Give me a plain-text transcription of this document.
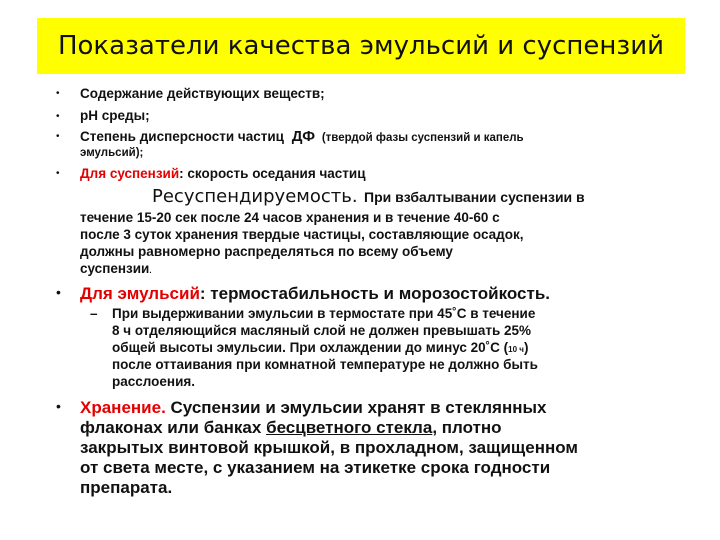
Показатели качества эмульсий и суспензий
•
•
•
•
•
•
Содержание действующих веществ;
pH среды;
Степень дисперсности частиц ДФ (твердой фазы суспензий и капель
эмульсий);
Для суспензий: скорость оседания частиц
Ресуспендируемость. При взбалтывании суспензии в
течение 15-20 сек после 24 часов хранения и в течение 40-60 с
после 3 суток хранения твердые частицы, составляющие осадок,
должны равномерно распределяться по всему объему
суспензии.
Для эмульсий: термостабильность и морозостойкость.
– При выдерживании эмульсии в термостате при 45˚С в течение
8 ч отделяющийся масляный слой не должен превышать 25%
общей высоты эмульсии. При охлаждении до минус 20˚С (10 ч)
после оттаивания при комнатной температуре не должно быть
расслоения.
Хранение. Суспензии и эмульсии хранят в стеклянных
флаконах или банках бесцветного стекла, плотно
закрытых винтовой крышкой, в прохладном, защищенном
от света месте, с указанием на этикетке срока годности
препарата.
